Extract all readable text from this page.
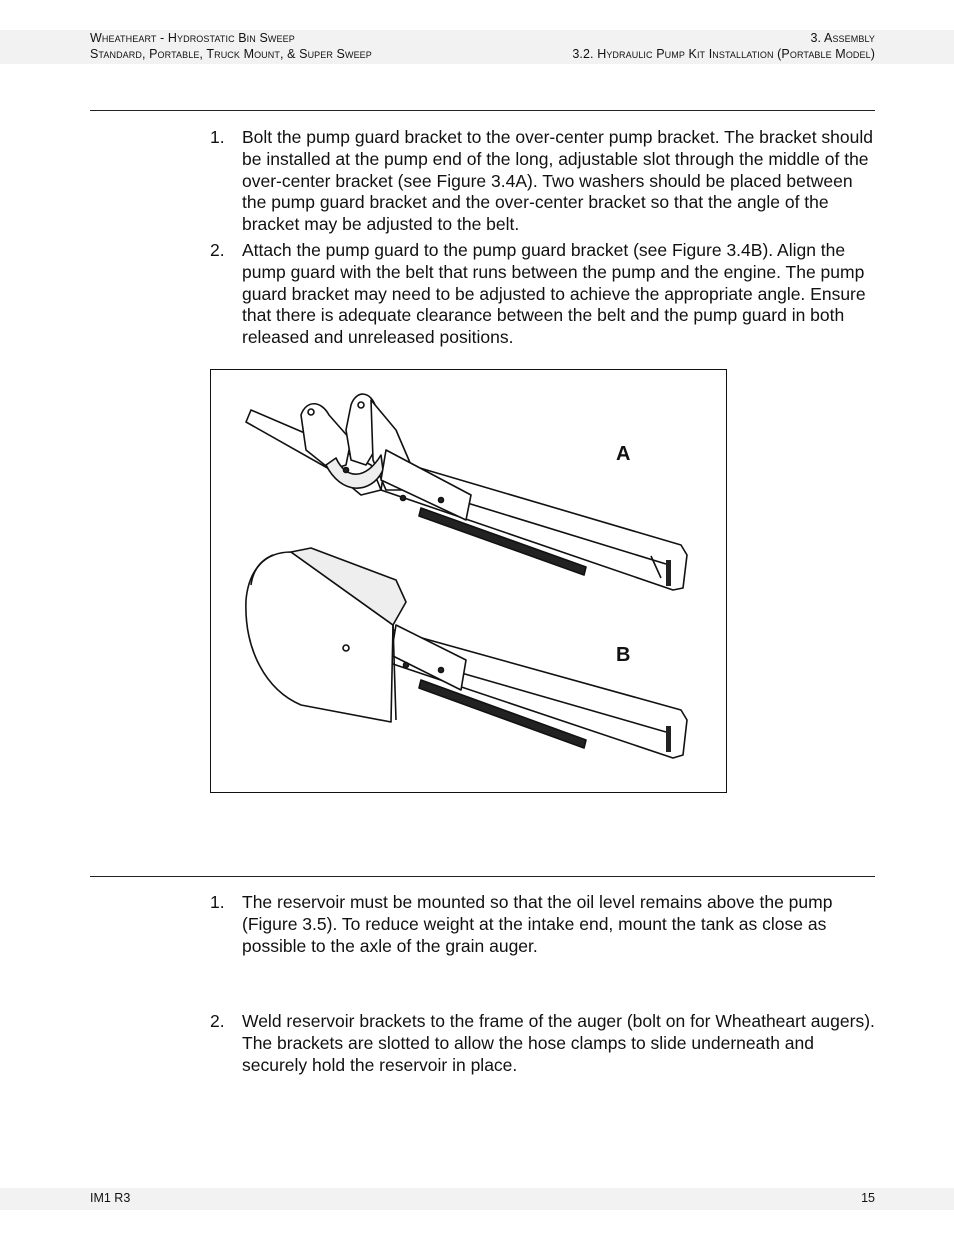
Wheatheart - Hydrostatic Bin Sweep
Standard, Portable, Truck Mount, & Super Sweep
3. Assembly
3.2. Hydraulic Pump Kit Installation (Portable Model)
1. Bolt the pump guard bracket to the over-center pump bracket. The bracket should be installed at the pump end of the long, adjustable slot through the middle of the over-center bracket (see Figure 3.4A). Two washers should be placed between the pump guard bracket and the over-center bracket so that the angle of the bracket may be adjusted to the belt.
2. Attach the pump guard to the pump guard bracket (see Figure 3.4B). Align the pump guard with the belt that runs between the pump and the engine. The pump guard bracket may need to be adjusted to achieve the appropriate angle. Ensure that there is adequate clearance between the belt and the pump guard in both released and unreleased positions.
A
B
1. The reservoir must be mounted so that the oil level remains above the pump (Figure 3.5). To reduce weight at the intake end, mount the tank as close as possible to the axle of the grain auger.
2. Weld reservoir brackets to the frame of the auger (bolt on for Wheatheart augers). The brackets are slotted to allow the hose clamps to slide underneath and securely hold the reservoir in place.
IM1 R3	15
